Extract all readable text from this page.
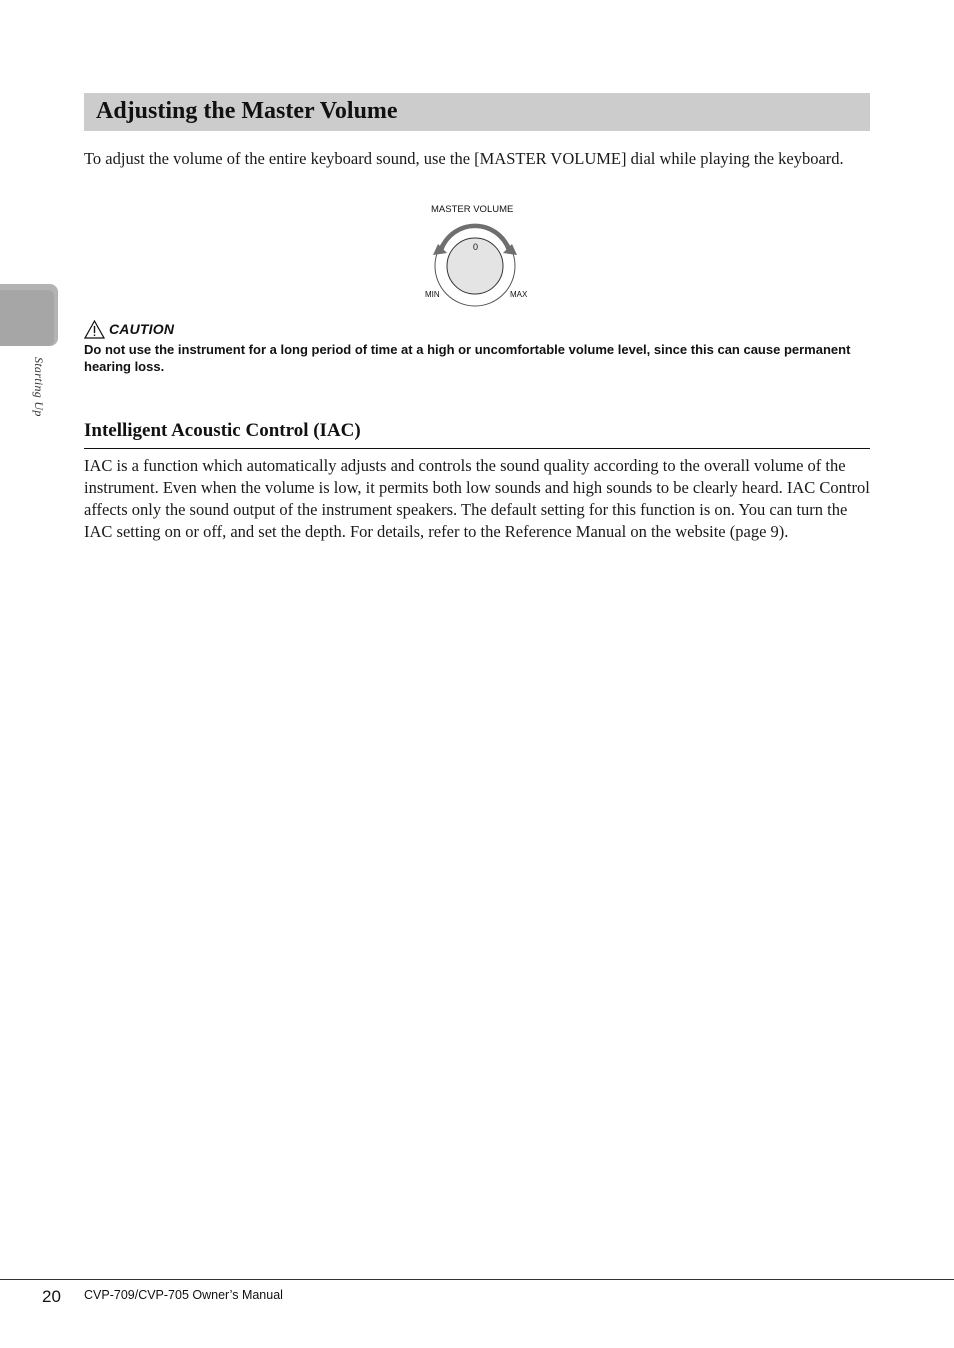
Starting Up
Adjusting the Master Volume

To adjust the volume of the entire keyboard sound, use the [MASTER VOLUME] dial while playing the keyboard.

MASTER VOLUME
0
MIN	MAX
CAUTION

Do not use the instrument for a long period of time at a high or uncomfortable volume level, since this can cause permanent hearing loss.

Intelligent Acoustic Control (IAC)

IAC is a function which automatically adjusts and controls the sound quality according to the overall volume of the instrument. Even when the volume is low, it permits both low sounds and high sounds to be clearly heard. IAC Control affects only the sound output of the instrument speakers. The default setting for this function is on. You can turn the IAC setting on or off, and set the depth. For details, refer to the Reference Manual on the website (page 9).

20 CVP-709/CVP-705 Owner’s Manual
